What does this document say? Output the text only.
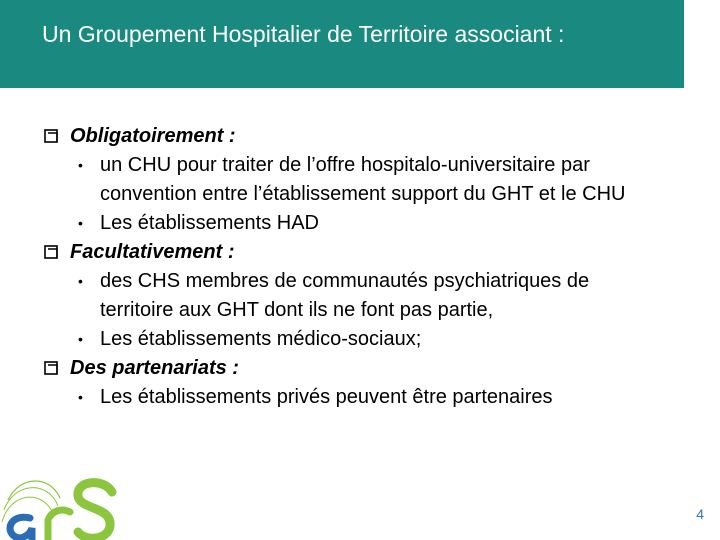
Un Groupement Hospitalier de Territoire associant :
Obligatoirement :
• un CHU pour traiter de l’offre hospitalo-universitaire par convention entre l’établissement support du GHT et le CHU
• Les établissements HAD
Facultativement :
• des CHS membres de communautés psychiatriques de territoire aux GHT dont ils ne font pas partie,
• Les établissements médico-sociaux;
Des partenariats :
• Les établissements privés peuvent être partenaires
4
